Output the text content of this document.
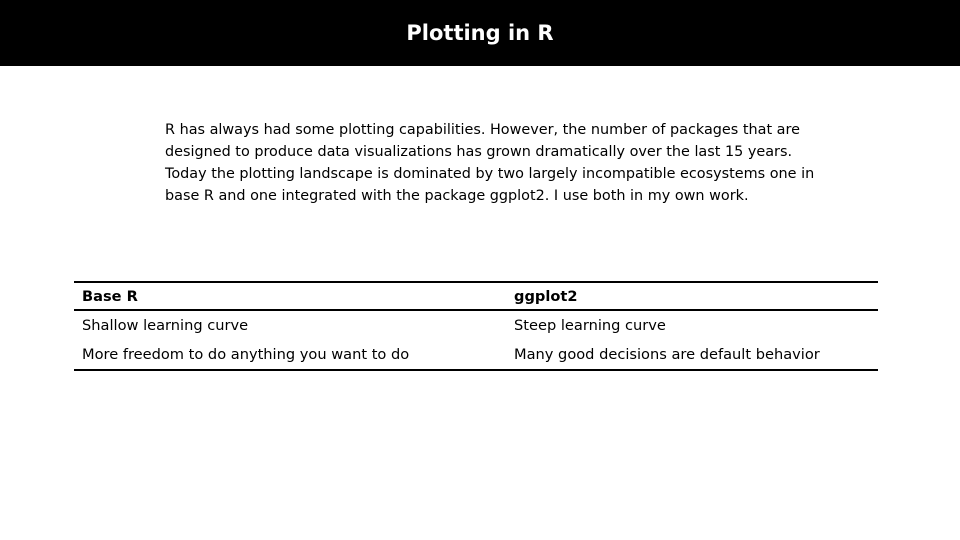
Plotting in R

R has always had some plotting capabilities. However, the number of packages that are designed to produce data visualizations has grown dramatically over the last 15 years. Today the plotting landscape is dominated by two largely incompatible ecosystems one in base R and one integrated with the package ggplot2. I use both in my own work.

Base R	ggplot2
Shallow learning curve	Steep learning curve
More freedom to do anything you want to do	Many good decisions are default behavior
